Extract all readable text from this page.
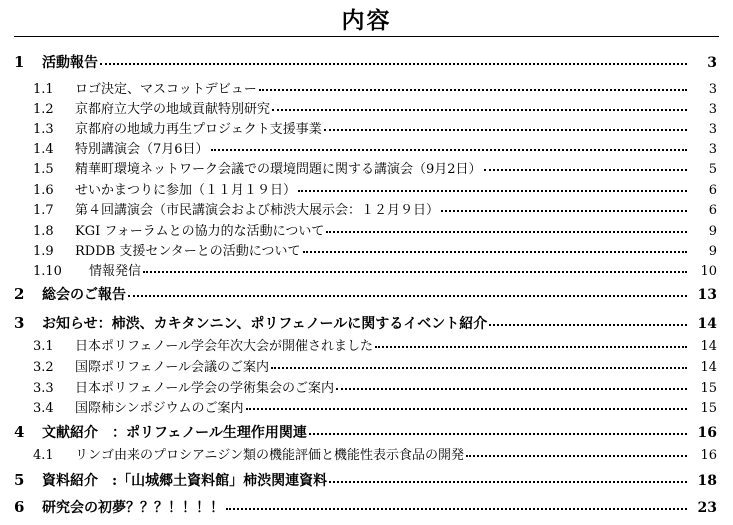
内容
1	活動報告	3
1.1	ロゴ決定、マスコットデビュー	3
1.2	京都府立大学の地域貢献特別研究	3
1.3	京都府の地域力再生プロジェクト支援事業	3
1.4	特別講演会（7月6日）	3
1.5	精華町環境ネットワーク会議での環境問題に関する講演会（9月2日）	5
1.6	せいかまつりに参加（１１月１９日）	6
1.7	第４回講演会（市民講演会および柿渋大展示会：１２月９日）	6
1.8	KGI フォーラムとの協力的な活動について	9
1.9	RDDB 支援センターとの活動について	9
1.10	情報発信	10
2	総会のご報告	13
3	お知らせ：柿渋、カキタンニン、ポリフェノールに関するイベント紹介	14
3.1	日本ポリフェノール学会年次大会が開催されました	14
3.2	国際ポリフェノール会議のご案内	14
3.3	日本ポリフェノール学会の学術集会のご案内	15
3.4	国際柿シンポジウムのご案内	15
4	文献紹介　：ポリフェノール生理作用関連	16
4.1	リンゴ由来のプロシアニジン類の機能評価と機能性表示食品の開発	16
5	資料紹介　:「山城郷土資料館」柿渋関連資料	18
6	研究会の初夢？？？！！！！	23
